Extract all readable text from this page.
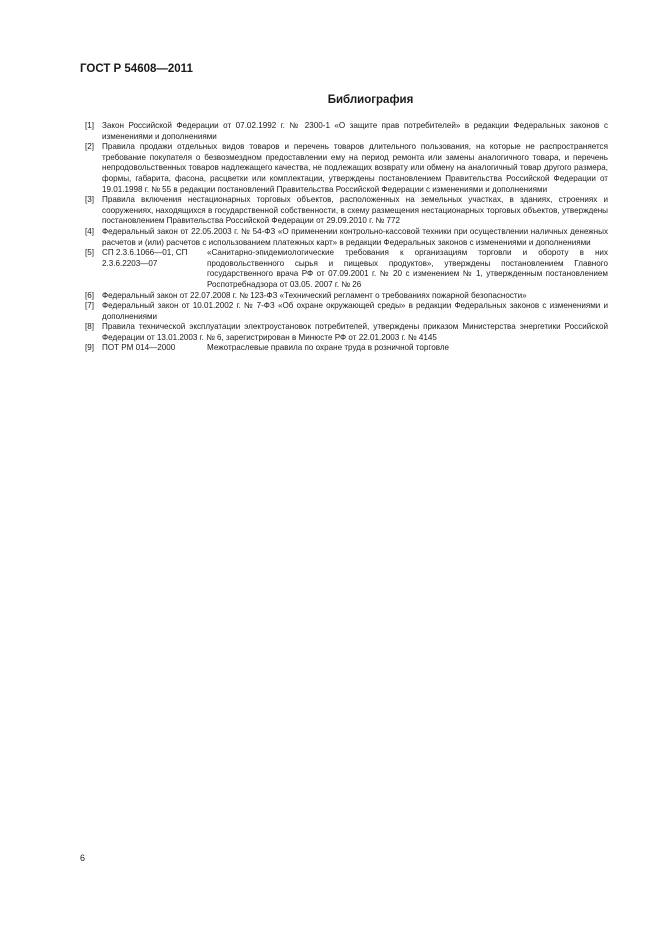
ГОСТ Р 54608—2011
Библиография
[1] Закон Российской Федерации от 07.02.1992 г. № 2300-1 «О защите прав потребителей» в редакции Федеральных законов с изменениями и дополнениями
[2] Правила продажи отдельных видов товаров и перечень товаров длительного пользования, на которые не распространяется требование покупателя о безвозмездном предоставлении ему на период ремонта или замены аналогичного товара, и перечень непродовольственных товаров надлежащего качества, не подлежащих возврату или обмену на аналогичный товар другого размера, формы, габарита, фасона, расцветки или комплектации, утверждены постановлением Правительства Российской Федерации от 19.01.1998 г. № 55 в редакции постановлений Правительства Российской Федерации с изменениями и дополнениями
[3] Правила включения нестационарных торговых объектов, расположенных на земельных участках, в зданиях, строениях и сооружениях, находящихся в государственной собственности, в схему размещения нестационарных торговых объектов, утверждены постановлением Правительства Российской Федерации от 29.09.2010 г. № 772
[4] Федеральный закон от 22.05.2003 г. № 54-ФЗ «О применении контрольно-кассовой техники при осуществлении наличных денежных расчетов и (или) расчетов с использованием платежных карт» в редакции Федеральных законов с изменениями и дополнениями
[5] СП 2.3.6.1066—01, СП 2.3.6.2203—07
«Санитарно-эпидемиологические требования к организациям торговли и обороту в них продовольственного сырья и пищевых продуктов», утверждены постановлением Главного государственного врача РФ от 07.09.2001 г. № 20 с изменением № 1, утвержденным постановлением Роспотребнадзора от 03.05. 2007 г. № 26
[6] Федеральный закон от 22.07.2008 г. № 123-ФЗ «Технический регламент о требованиях пожарной безопасности»
[7] Федеральный закон от 10.01.2002 г. № 7-ФЗ «Об охране окружающей среды» в редакции Федеральных законов с изменениями и дополнениями
[8] Правила технической эксплуатации электроустановок потребителей, утверждены приказом Министерства энергетики Российской Федерации от 13.01.2003 г. № 6, зарегистрирован в Минюсте РФ от 22.01.2003 г. № 4145
[9] ПОТ РМ 014—2000	Межотраслевые правила по охране труда в розничной торговле
6
